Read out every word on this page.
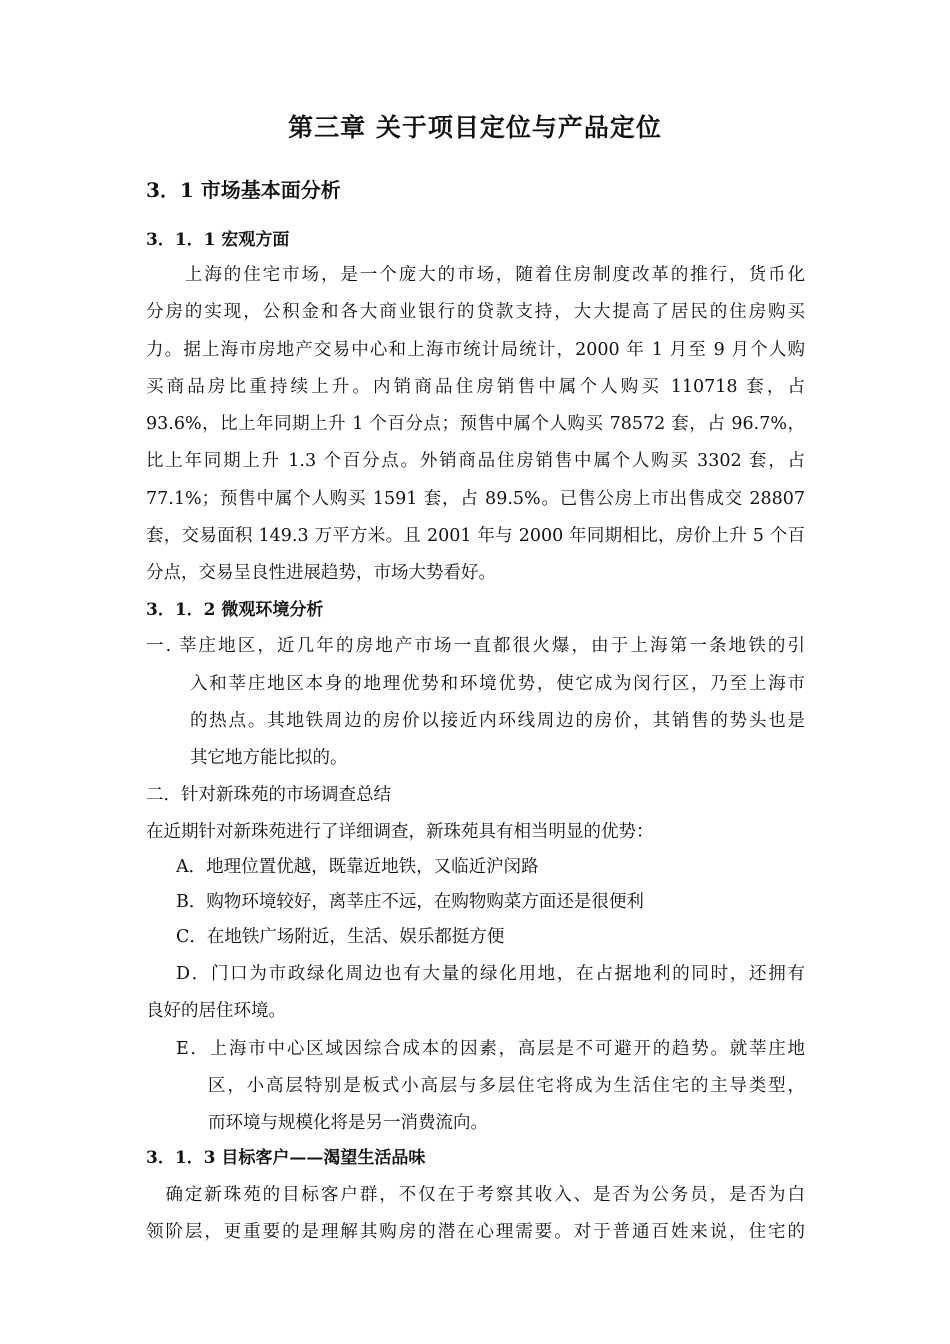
第三章 关于项目定位与产品定位
3．1 市场基本面分析
3．1．1 宏观方面
　　上海的住宅市场，是一个庞大的市场，随着住房制度改革的推行，货币化
分房的实现，公积金和各大商业银行的贷款支持，大大提高了居民的住房购买
力。据上海市房地产交易中心和上海市统计局统计，2000 年 1 月至 9 月个人购
买商品房比重持续上升。内销商品住房销售中属个人购买 110718 套，占
93.6%，比上年同期上升 1 个百分点；预售中属个人购买 78572 套，占 96.7%，
比上年同期上升 1.3 个百分点。外销商品住房销售中属个人购买 3302 套，占
77.1%；预售中属个人购买 1591 套，占 89.5%。已售公房上市出售成交 28807
套，交易面积 149.3 万平方米。且 2001 年与 2000 年同期相比，房价上升 5 个百
分点，交易呈良性进展趋势，市场大势看好。
3．1．2 微观环境分析
一. 莘庄地区，近几年的房地产市场一直都很火爆，由于上海第一条地铁的引
入和莘庄地区本身的地理优势和环境优势，使它成为闵行区，乃至上海市
的热点。其地铁周边的房价以接近内环线周边的房价，其销售的势头也是
其它地方能比拟的。
二．针对新珠苑的市场调查总结
在近期针对新珠苑进行了详细调查，新珠苑具有相当明显的优势：
A．地理位置优越，既靠近地铁，又临近沪闵路
B．购物环境较好，离莘庄不远，在购物购菜方面还是很便利
C．在地铁广场附近，生活、娱乐都挺方便
D．门口为市政绿化周边也有大量的绿化用地，在占据地利的同时，还拥有
良好的居住环境。
E．上海市中心区域因综合成本的因素，高层是不可避开的趋势。就莘庄地
区，小高层特别是板式小高层与多层住宅将成为生活住宅的主导类型，
而环境与规模化将是另一消费流向。
3．1．3 目标客户——渴望生活品味
　确定新珠苑的目标客户群，不仅在于考察其收入、是否为公务员，是否为白
领阶层，更重要的是理解其购房的潜在心理需要。对于普通百姓来说，住宅的
